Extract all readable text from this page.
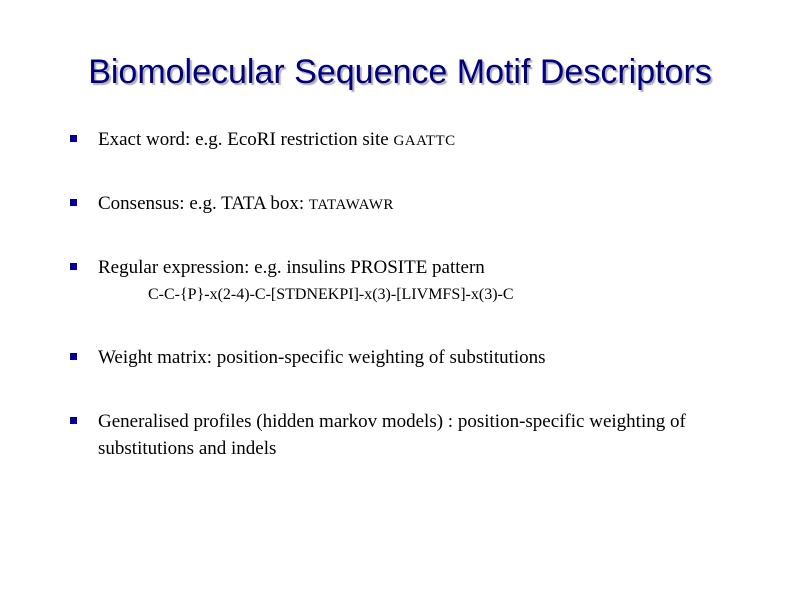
Biomolecular Sequence Motif Descriptors
Exact word: e.g. EcoRI restriction site GAATTC
Consensus: e.g. TATA box: TATAWAWR
Regular expression: e.g. insulins PROSITE pattern
C-C-{P}-x(2-4)-C-[STDNEKPI]-x(3)-[LIVMFS]-x(3)-C
Weight matrix: position-specific weighting of substitutions
Generalised profiles (hidden markov models) : position-specific weighting of substitutions and indels
